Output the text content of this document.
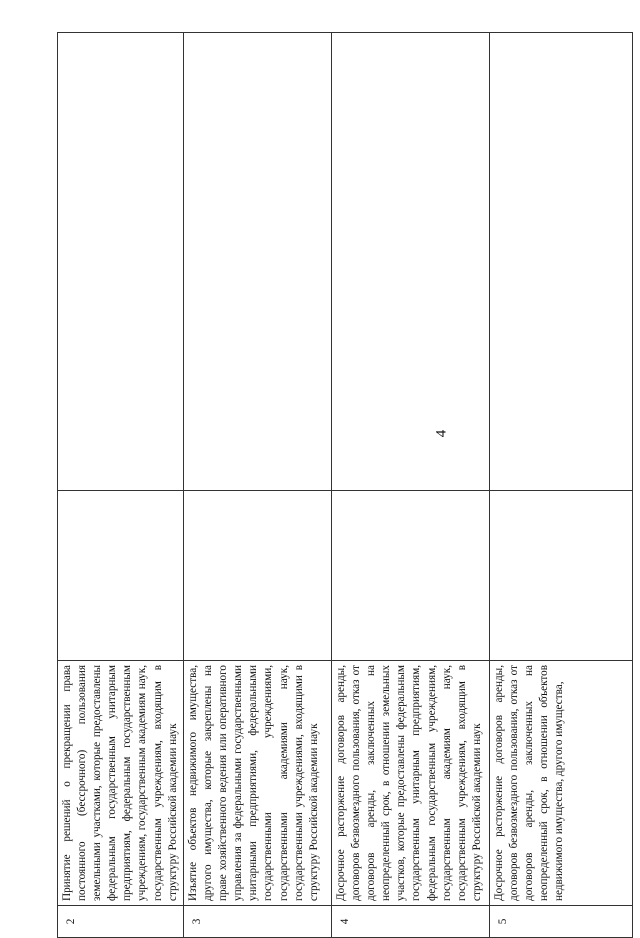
4
2	Принятие решений о прекращении права постоянного (бессрочного) пользования земельными участками, которые предоставлены федеральным государственным унитарным предприятиям, федеральным государственным учреждениям, государственным академиям наук, государственным учреждениям, входящим в структуру Российской академии наук		
3	Изъятие объектов недвижимого имущества, другого имущества, которые закреплены на праве хозяйственного ведения или оперативного управления за федеральными государственными унитарными предприятиями, федеральными государственными учреждениями, государственными академиями наук, государственными учреждениями, входящими в структуру Российской академии наук		
4	Досрочное расторжение договоров аренды, договоров безвозмездного пользования, отказ от договоров аренды, заключенных на неопределенный срок, в отношении земельных участков, которые предоставлены федеральным государственным унитарным предприятиям, федеральным государственным учреждениям, государственным академиям наук, государственным учреждениям, входящим в структуру Российской академии наук		
5	Досрочное расторжение договоров аренды, договоров безвозмездного пользования, отказ от договоров аренды, заключенных на неопределенный срок, в отношении объектов недвижимого имущества, другого имущества,		
